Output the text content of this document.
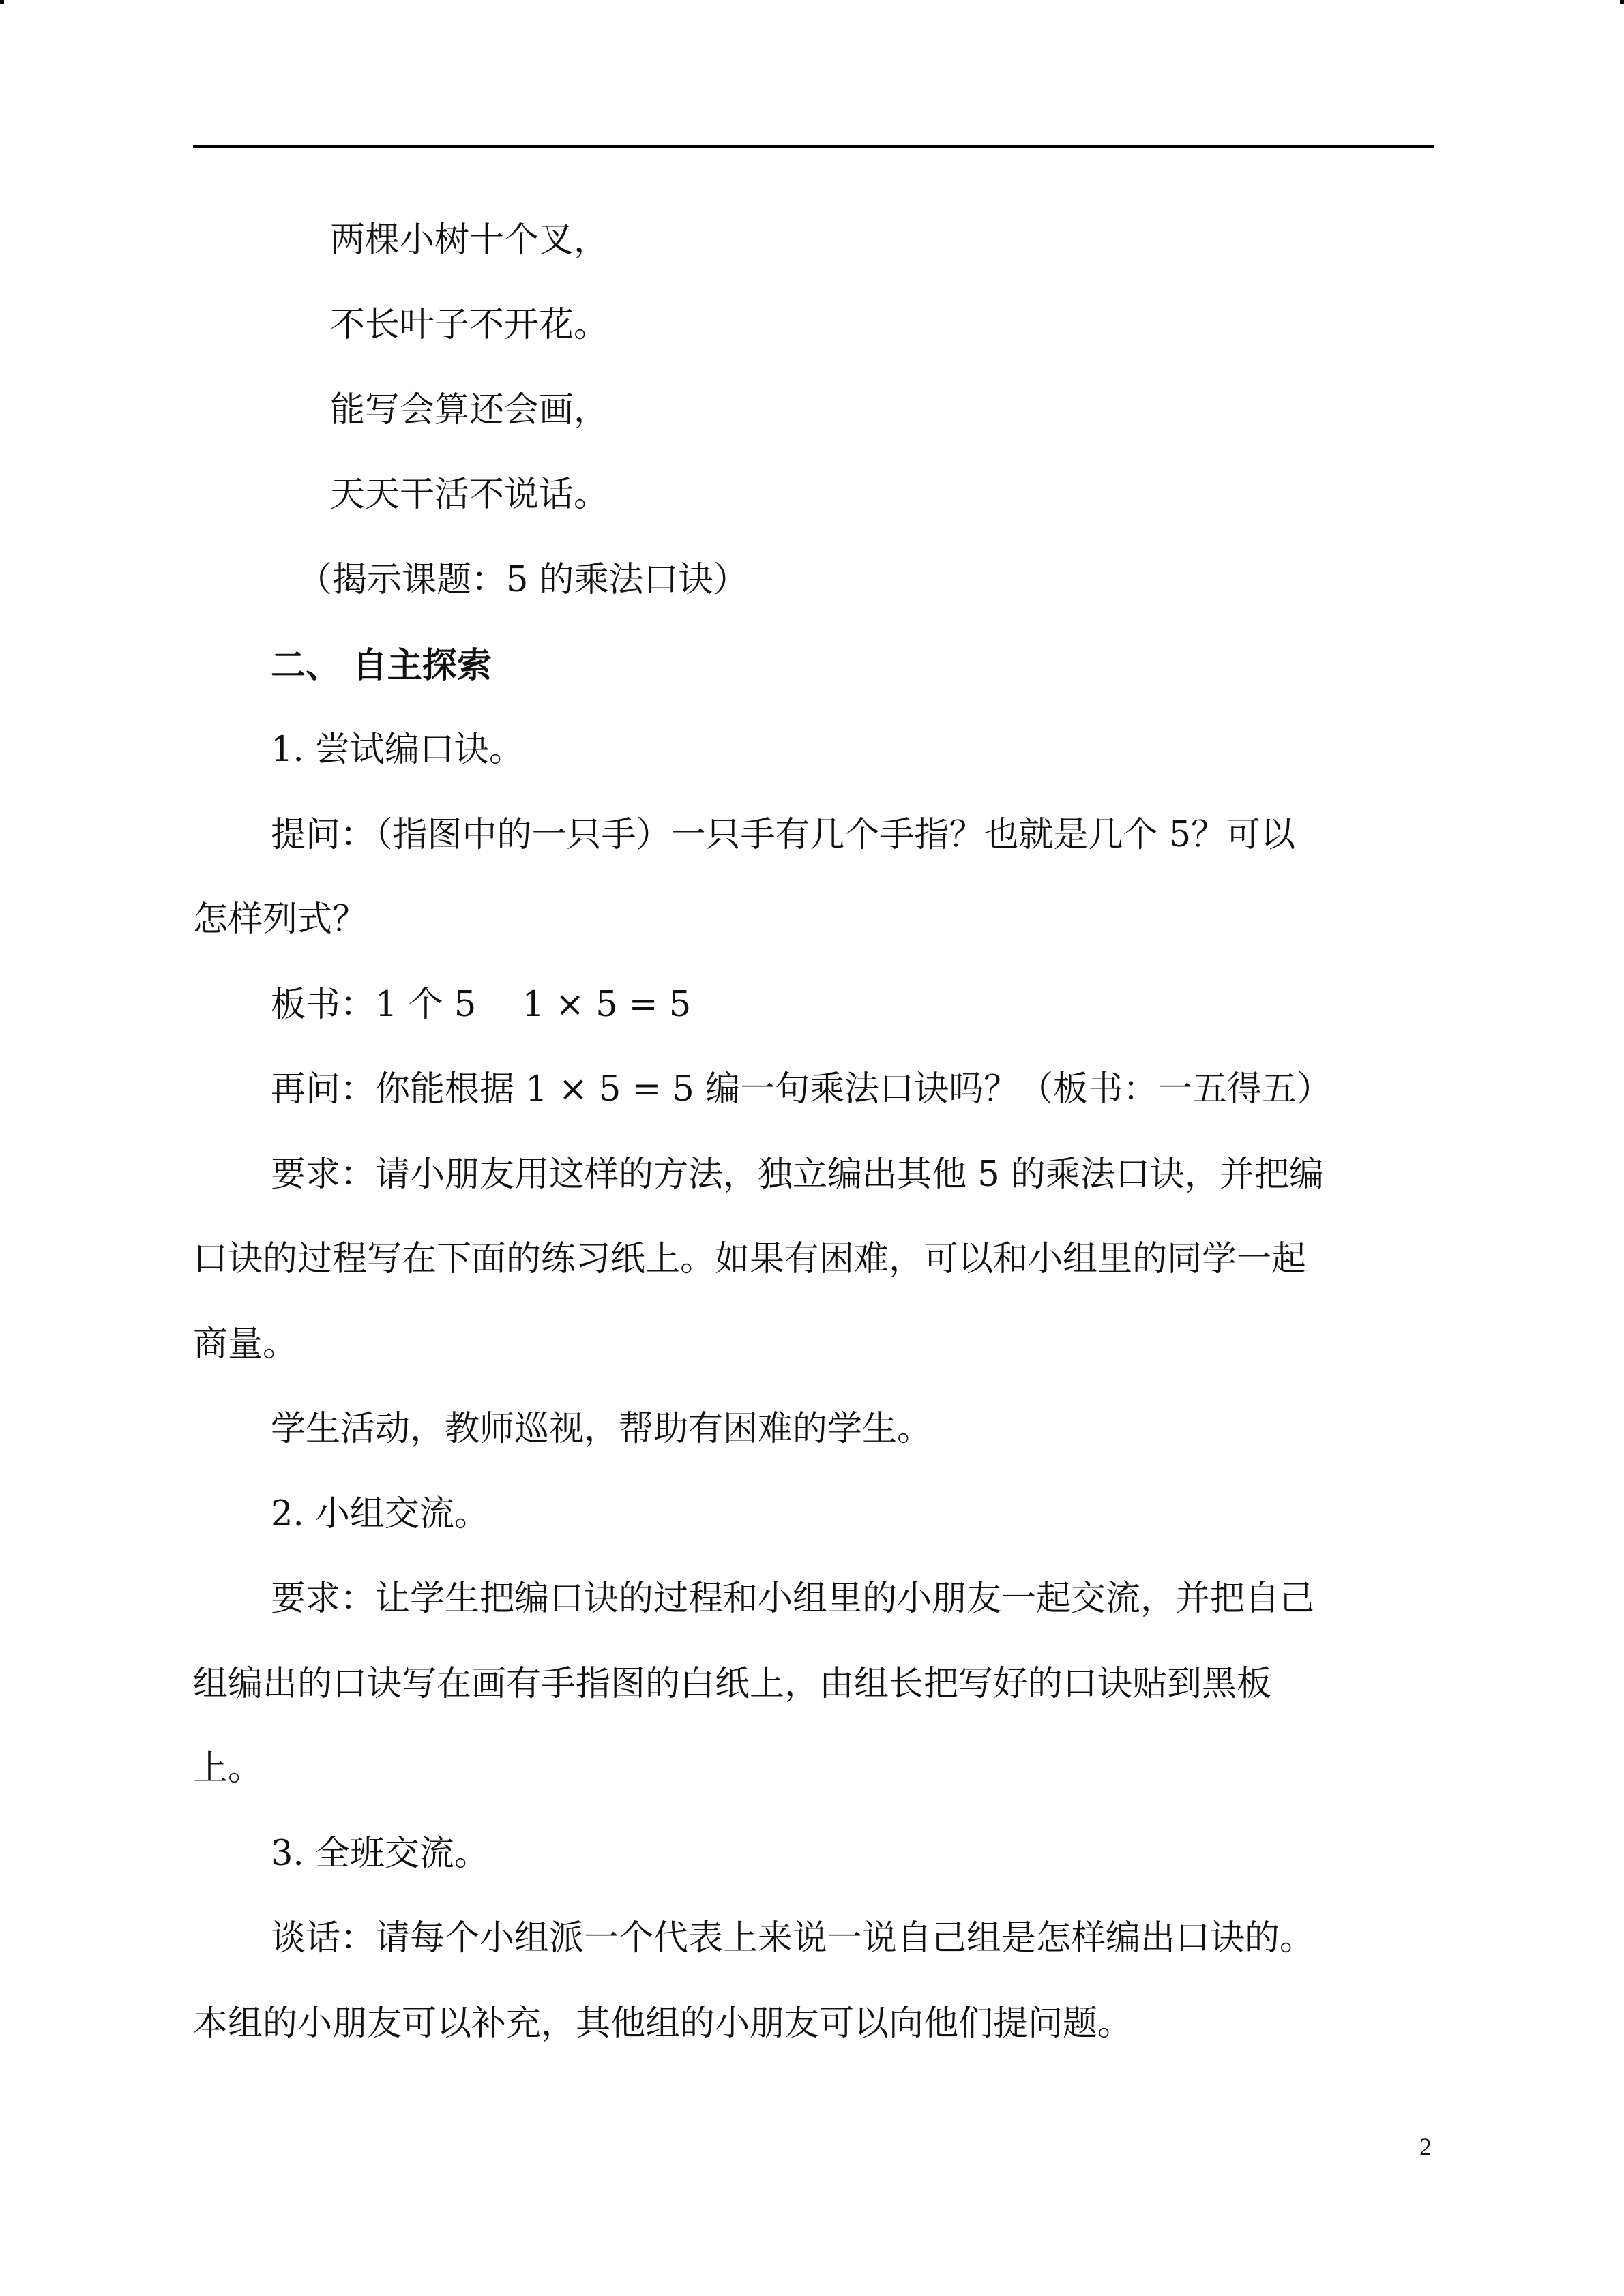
两棵小树十个叉，
不长叶子不开花。
能写会算还会画，
天天干活不说话。
（揭示课题：5 的乘法口诀）
二、 自主探索
1. 尝试编口诀。
提问：（指图中的一只手）一只手有几个手指？也就是几个 5？可以
怎样列式？
板书：1 个 5　 1 × 5 = 5
再问：你能根据 1 × 5 = 5 编一句乘法口诀吗？（板书：一五得五）
要求：请小朋友用这样的方法，独立编出其他 5 的乘法口诀，并把编
口诀的过程写在下面的练习纸上。如果有困难，可以和小组里的同学一起
商量。
学生活动，教师巡视，帮助有困难的学生。
2. 小组交流。
要求：让学生把编口诀的过程和小组里的小朋友一起交流，并把自己
组编出的口诀写在画有手指图的白纸上，由组长把写好的口诀贴到黑板
上。
3. 全班交流。
谈话：请每个小组派一个代表上来说一说自己组是怎样编出口诀的。
本组的小朋友可以补充，其他组的小朋友可以向他们提问题。
2
